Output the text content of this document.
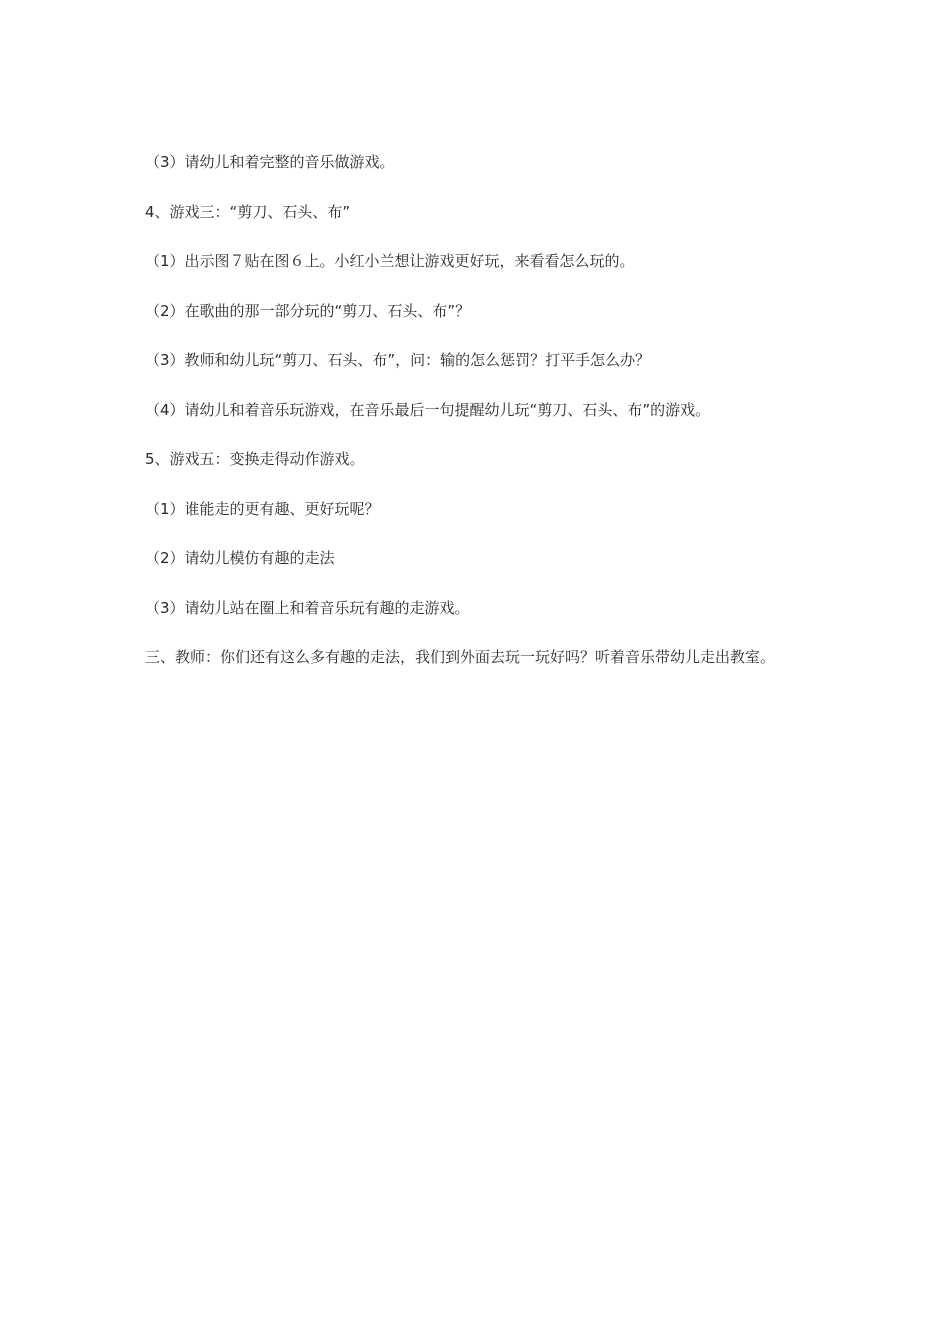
（3）请幼儿和着完整的音乐做游戏。

4、游戏三：“剪刀、石头、布”

（1）出示图７贴在图６上。小红小兰想让游戏更好玩，来看看怎么玩的。

（2）在歌曲的那一部分玩的“剪刀、石头、布”？

（3）教师和幼儿玩“剪刀、石头、布”，问：输的怎么惩罚？打平手怎么办？

（4）请幼儿和着音乐玩游戏，在音乐最后一句提醒幼儿玩“剪刀、石头、布”的游戏。

5、游戏五：变换走得动作游戏。

（1）谁能走的更有趣、更好玩呢？

（2）请幼儿模仿有趣的走法

（3）请幼儿站在圈上和着音乐玩有趣的走游戏。

三、教师：你们还有这么多有趣的走法，我们到外面去玩一玩好吗？听着音乐带幼儿走出教室。
